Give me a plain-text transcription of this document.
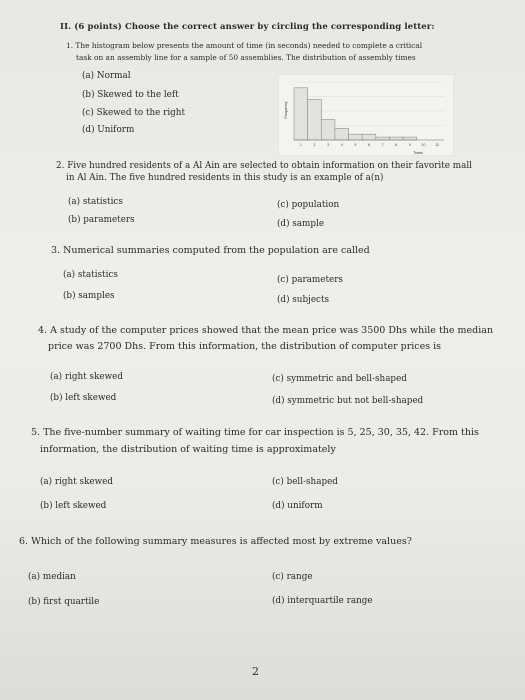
II. (6 points) Choose the correct answer by circling the corresponding letter:
1. The histogram below presents the amount of time (in seconds) needed to complete a critical
task on an assembly line for a sample of 50 assemblies. The distribution of assembly times
(a) Normal
(b) Skewed to the left
(c) Skewed to the right
(d) Uniform
1	2	3	4	5	6	7	8	9	10	11
Frequency
Times
2. Five hundred residents of a Al Ain are selected to obtain information on their favorite mall
in Al Ain. The five hundred residents in this study is an example of a(n)
(a) statistics
(b) parameters
(c) population
(d) sample
3. Numerical summaries computed from the population are called
(a) statistics
(b) samples
(c) parameters
(d) subjects
4. A study of the computer prices showed that the mean price was 3500 Dhs while the median
price was 2700 Dhs. From this information, the distribution of computer prices is
(a) right skewed
(b) left skewed
(c) symmetric and bell-shaped
(d) symmetric but not bell-shaped
5. The five-number summary of waiting time for car inspection is 5, 25, 30, 35, 42. From this
information, the distribution of waiting time is approximately
(a) right skewed
(b) left skewed
(c) bell-shaped
(d) uniform
6. Which of the following summary measures is affected most by extreme values?
(a) median
(b) first quartile
(c) range
(d) interquartile range
2
